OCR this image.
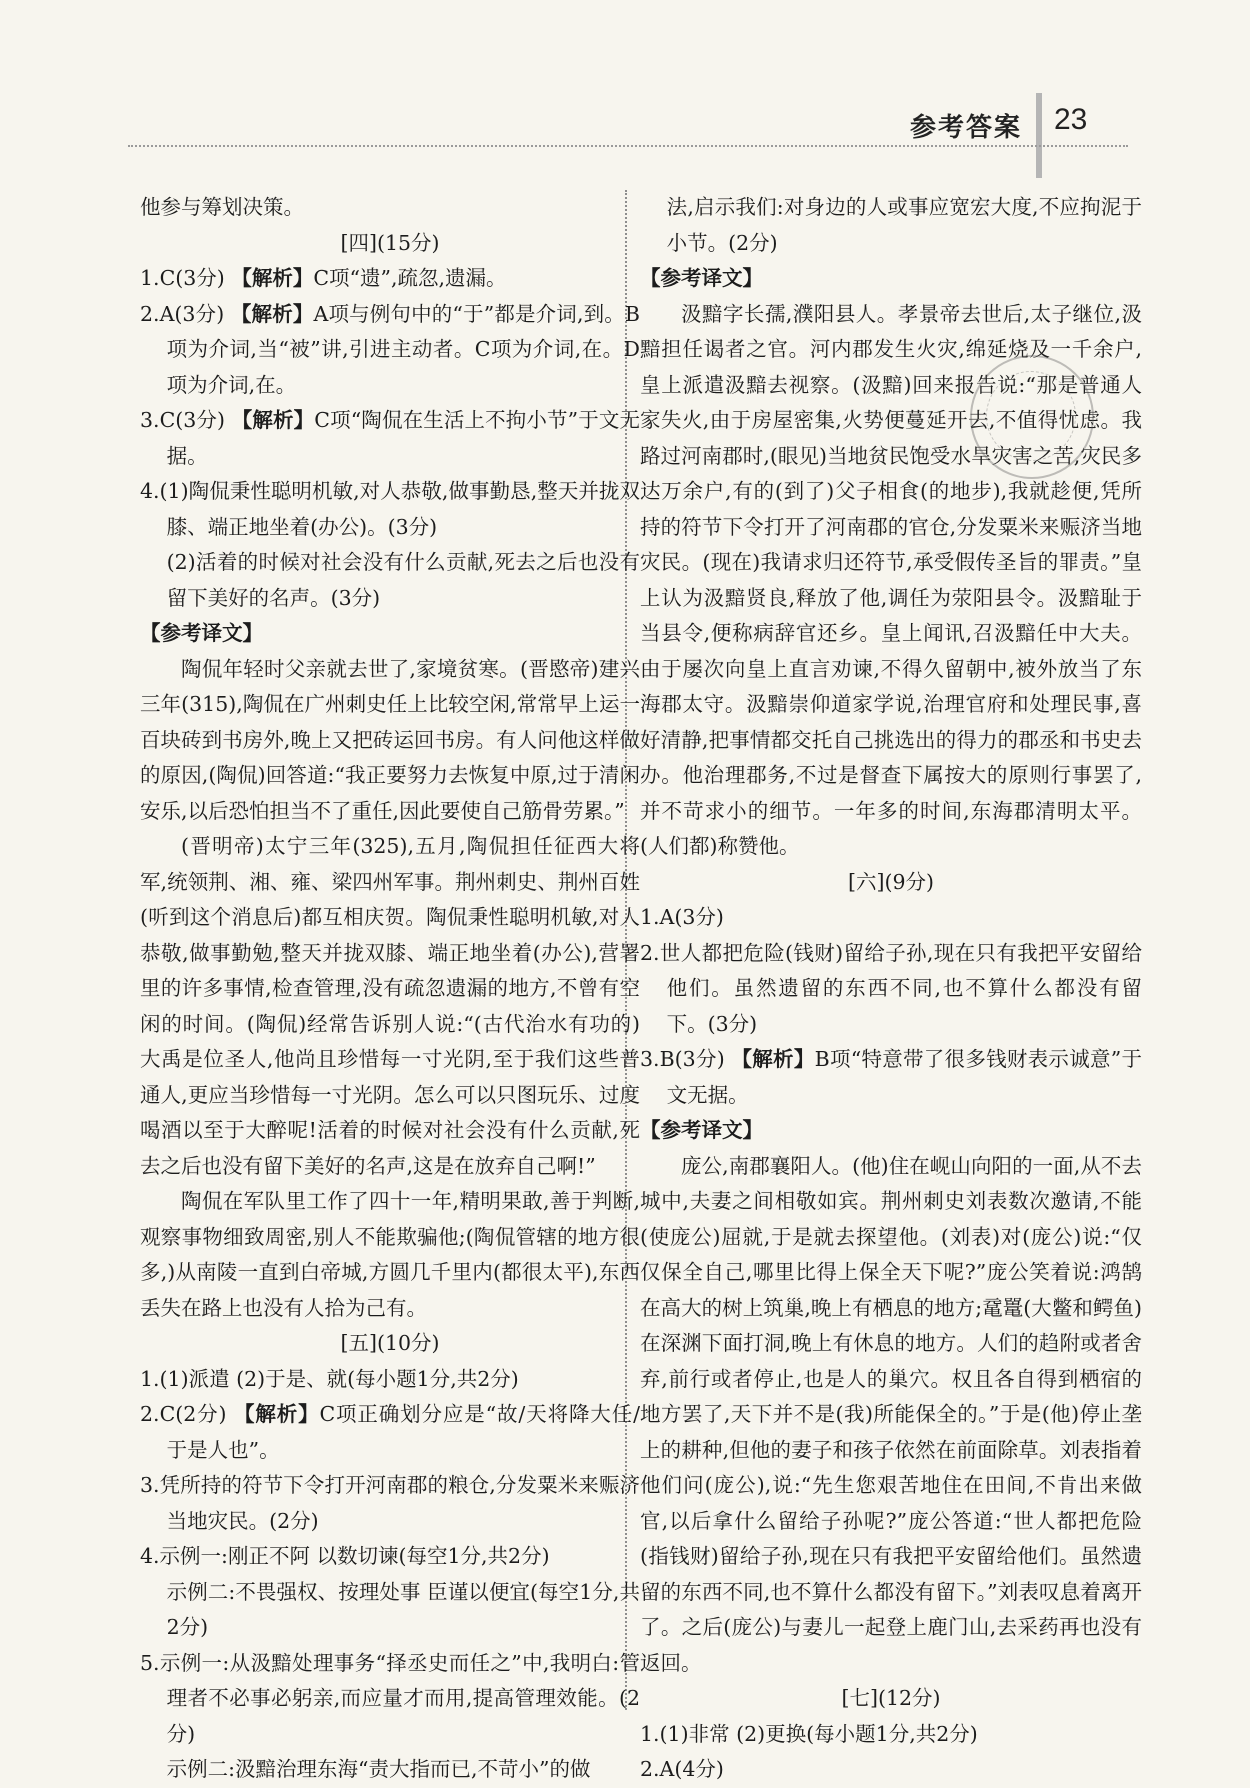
参考答案 23

他参与筹划决策。

[四](15分)

1.C(3分) 【解析】C项“遗”,疏忽,遗漏。

2.A(3分) 【解析】A项与例句中的“于”都是介词,到。B项为介词,当“被”讲,引进主动者。C项为介词,在。D项为介词,在。

3.C(3分) 【解析】C项“陶侃在生活上不拘小节”于文无据。

4.(1)陶侃秉性聪明机敏,对人恭敬,做事勤恳,整天并拢双膝、端正地坐着(办公)。(3分)

(2)活着的时候对社会没有什么贡献,死去之后也没有留下美好的名声。(3分)

【参考译文】

陶侃年轻时父亲就去世了,家境贫寒。(晋愍帝)建兴三年(315),陶侃在广州刺史任上比较空闲,常常早上运一百块砖到书房外,晚上又把砖运回书房。有人问他这样做的原因,(陶侃)回答道:“我正要努力去恢复中原,过于清闲安乐,以后恐怕担当不了重任,因此要使自己筋骨劳累。”

(晋明帝)太宁三年(325),五月,陶侃担任征西大将军,统领荆、湘、雍、梁四州军事。荆州刺史、荆州百姓(听到这个消息后)都互相庆贺。陶侃秉性聪明机敏,对人恭敬,做事勤勉,整天并拢双膝、端正地坐着(办公),营署里的许多事情,检查管理,没有疏忽遗漏的地方,不曾有空闲的时间。(陶侃)经常告诉别人说:“(古代治水有功的)大禹是位圣人,他尚且珍惜每一寸光阴,至于我们这些普通人,更应当珍惜每一寸光阴。怎么可以只图玩乐、过度喝酒以至于大醉呢!活着的时候对社会没有什么贡献,死去之后也没有留下美好的名声,这是在放弃自己啊!”

陶侃在军队里工作了四十一年,精明果敢,善于判断,观察事物细致周密,别人不能欺骗他;(陶侃管辖的地方很多,)从南陵一直到白帝城,方圆几千里内(都很太平),东西丢失在路上也没有人拾为己有。

[五](10分)

1.(1)派遣 (2)于是、就(每小题1分,共2分)

2.C(2分) 【解析】C项正确划分应是“故/天将降大任/于是人也”。

3.凭所持的符节下令打开河南郡的粮仓,分发粟米来赈济当地灾民。(2分)

4.示例一:刚正不阿 以数切谏(每空1分,共2分)

示例二:不畏强权、按理处事 臣谨以便宜(每空1分,共2分)

5.示例一:从汲黯处理事务“择丞史而任之”中,我明白:管理者不必事必躬亲,而应量才而用,提高管理效能。(2分)

示例二:汲黯治理东海“责大指而已,不苛小”的做

法,启示我们:对身边的人或事应宽宏大度,不应拘泥于小节。(2分)

【参考译文】

汲黯字长孺,濮阳县人。孝景帝去世后,太子继位,汲黯担任谒者之官。河内郡发生火灾,绵延烧及一千余户,皇上派遣汲黯去视察。(汲黯)回来报告说:“那是普通人家失火,由于房屋密集,火势便蔓延开去,不值得忧虑。我路过河南郡时,(眼见)当地贫民饱受水旱灾害之苦,灾民多达万余户,有的(到了)父子相食(的地步),我就趁便,凭所持的符节下令打开了河南郡的官仓,分发粟米来赈济当地灾民。(现在)我请求归还符节,承受假传圣旨的罪责。”皇上认为汲黯贤良,释放了他,调任为荥阳县令。汲黯耻于当县令,便称病辞官还乡。皇上闻讯,召汲黯任中大夫。由于屡次向皇上直言劝谏,不得久留朝中,被外放当了东海郡太守。汲黯崇仰道家学说,治理官府和处理民事,喜好清静,把事情都交托自己挑选出的得力的郡丞和书史去办。他治理郡务,不过是督查下属按大的原则行事罢了,并不苛求小的细节。一年多的时间,东海郡清明太平。(人们都)称赞他。

[六](9分)

1.A(3分)

2.世人都把危险(钱财)留给子孙,现在只有我把平安留给他们。虽然遗留的东西不同,也不算什么都没有留下。(3分)

3.B(3分) 【解析】B项“特意带了很多钱财表示诚意”于文无据。

【参考译文】

庞公,南郡襄阳人。(他)住在岘山向阳的一面,从不去城中,夫妻之间相敬如宾。荆州刺史刘表数次邀请,不能(使庞公)屈就,于是就去探望他。(刘表)对(庞公)说:“仅仅保全自己,哪里比得上保全天下呢?”庞公笑着说:鸿鹄在高大的树上筑巢,晚上有栖息的地方;鼋鼍(大鳖和鳄鱼)在深渊下面打洞,晚上有休息的地方。人们的趋附或者舍弃,前行或者停止,也是人的巢穴。权且各自得到栖宿的地方罢了,天下并不是(我)所能保全的。”于是(他)停止垄上的耕种,但他的妻子和孩子依然在前面除草。刘表指着他们问(庞公),说:“先生您艰苦地住在田间,不肯出来做官,以后拿什么留给子孙呢?”庞公答道:“世人都把危险(指钱财)留给子孙,现在只有我把平安留给他们。虽然遗留的东西不同,也不算什么都没有留下。”刘表叹息着离开了。之后(庞公)与妻儿一起登上鹿门山,去采药再也没有返回。

[七](12分)

1.(1)非常 (2)更换(每小题1分,共2分)

2.A(4分)
